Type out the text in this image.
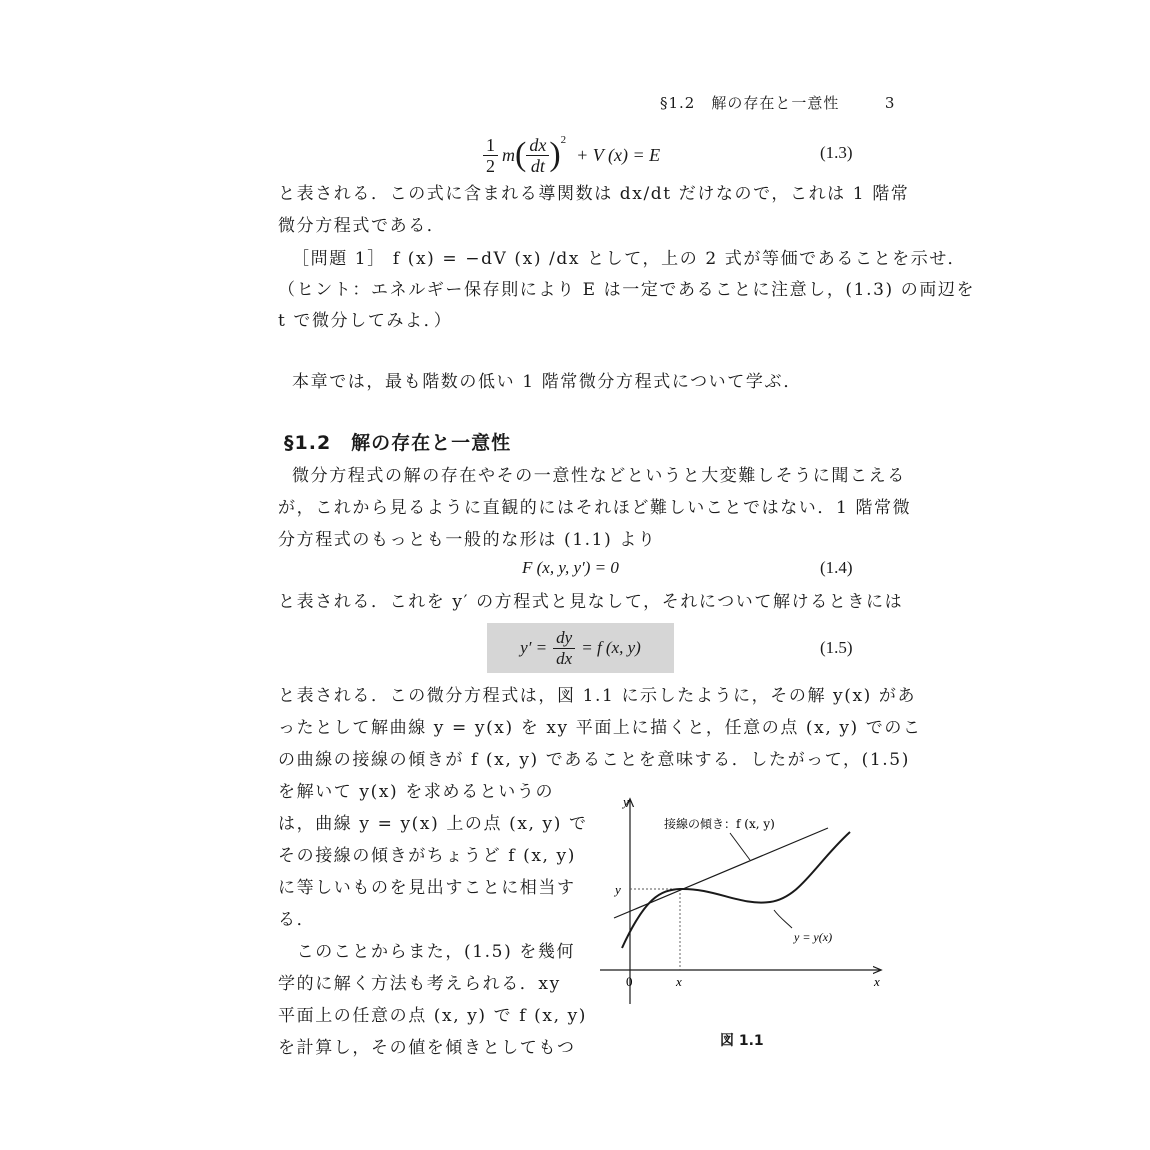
§1.2　解の存在と一意性	3
$\frac{1}{2}$ m ( $\frac{dx}{dt}$ ) 2
+ V (x) = E	(1.3)
と表される．この式に含まれる導関数は dx/dt だけなので，これは 1 階常
微分方程式である．
［問題 1］ f (x) = −dV (x) /dx として，上の 2 式が等価であることを示せ．
（ヒント：エネルギー保存則により E は一定であることに注意し，(1.3) の両辺を
t で微分してみよ．）
本章では，最も階数の低い 1 階常微分方程式について学ぶ．
§1.2　解の存在と一意性
微分方程式の解の存在やその一意性などというと大変難しそうに聞こえる
が，これから見るように直観的にはそれほど難しいことではない．1 階常微
分方程式のもっとも一般的な形は (1.1) より
F (x, y, y′) = 0	(1.4)
と表される．これを y′ の方程式と見なして，それについて解けるときには
$y' = \frac{dy}{dx} = f$ (x, y)	(1.5)
と表される．この微分方程式は，図 1.1 に示したように，その解 y(x) があ
ったとして解曲線 y = y(x) を xy 平面上に描くと，任意の点 (x, y) でのこ
の曲線の接線の傾きが f (x, y) であることを意味する．したがって，(1.5)
を解いて y(x) を求めるというの
は，曲線 y = y(x) 上の点 (x, y) で
その接線の傾きがちょうど f (x, y)
に等しいものを見出すことに相当す
る．
　このことからまた，(1.5) を幾何
学的に解く方法も考えられる．xy
平面上の任意の点 (x, y) で f (x, y)
を計算し，その値を傾きとしてもつ
y
x
0
y
x
接線の傾き：f (x, y)
y = y(x)
図 1.1
